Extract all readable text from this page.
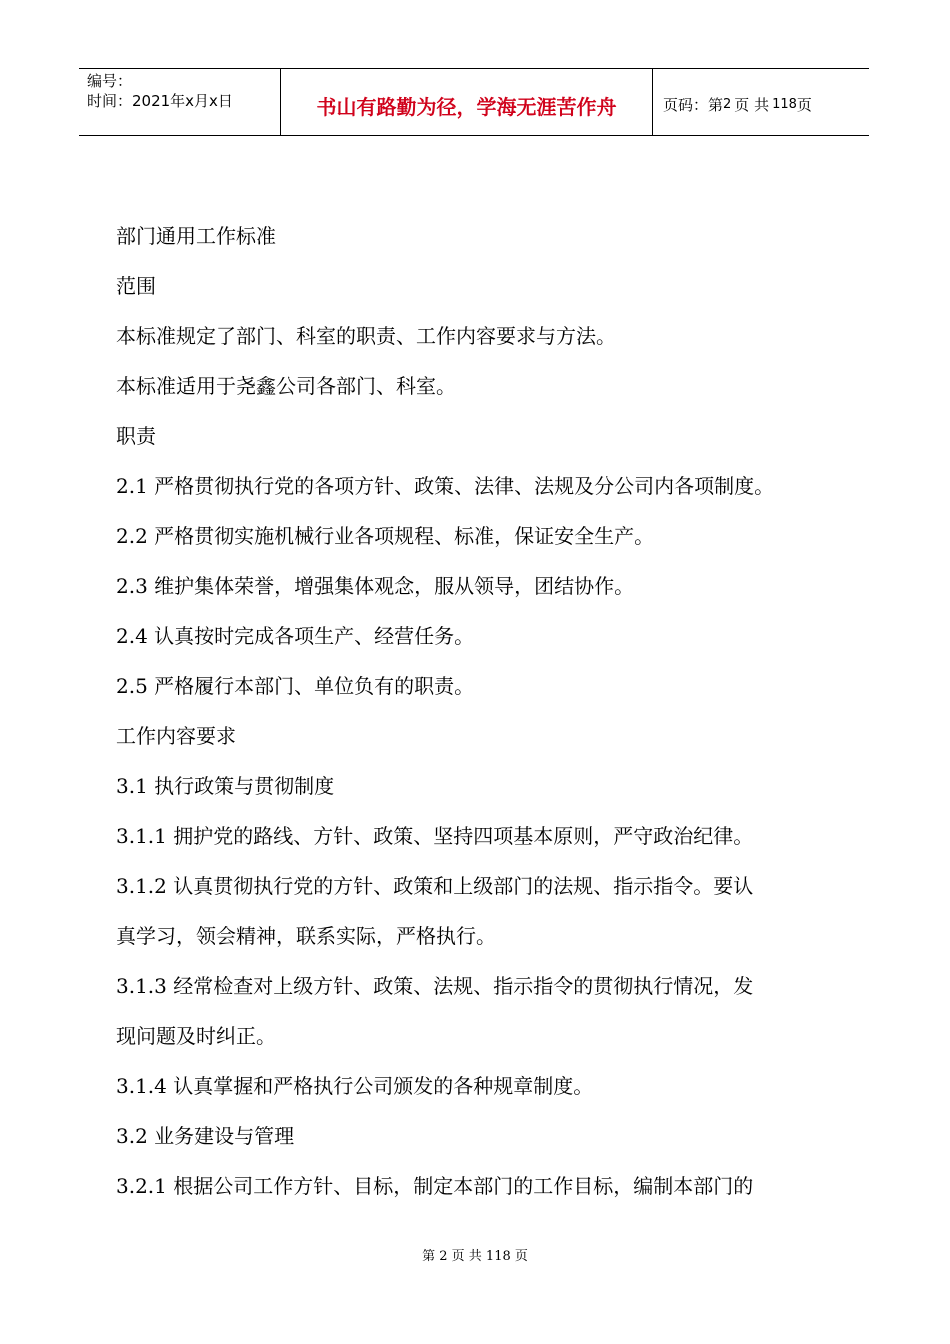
编号：
时间：2021年x月x日	书山有路勤为径，学海无涯苦作舟	页码：第 2 页 共 118 页
部门通用工作标准
范围
本标准规定了部门、科室的职责、工作内容要求与方法。
本标准适用于尧鑫公司各部门、科室。
职责
2.1 严格贯彻执行党的各项方针、政策、法律、法规及分公司内各项制度。
2.2 严格贯彻实施机械行业各项规程、标准，保证安全生产。
2.3 维护集体荣誉，增强集体观念，服从领导，团结协作。
2.4 认真按时完成各项生产、经营任务。
2.5 严格履行本部门、单位负有的职责。
工作内容要求
3.1 执行政策与贯彻制度
3.1.1 拥护党的路线、方针、政策、坚持四项基本原则，严守政治纪律。
3.1.2 认真贯彻执行党的方针、政策和上级部门的法规、指示指令。要认
真学习，领会精神，联系实际，严格执行。
3.1.3 经常检查对上级方针、政策、法规、指示指令的贯彻执行情况，发
现问题及时纠正。
3.1.4 认真掌握和严格执行公司颁发的各种规章制度。
3.2 业务建设与管理
3.2.1 根据公司工作方针、目标，制定本部门的工作目标，编制本部门的
第 2 页 共 118 页
